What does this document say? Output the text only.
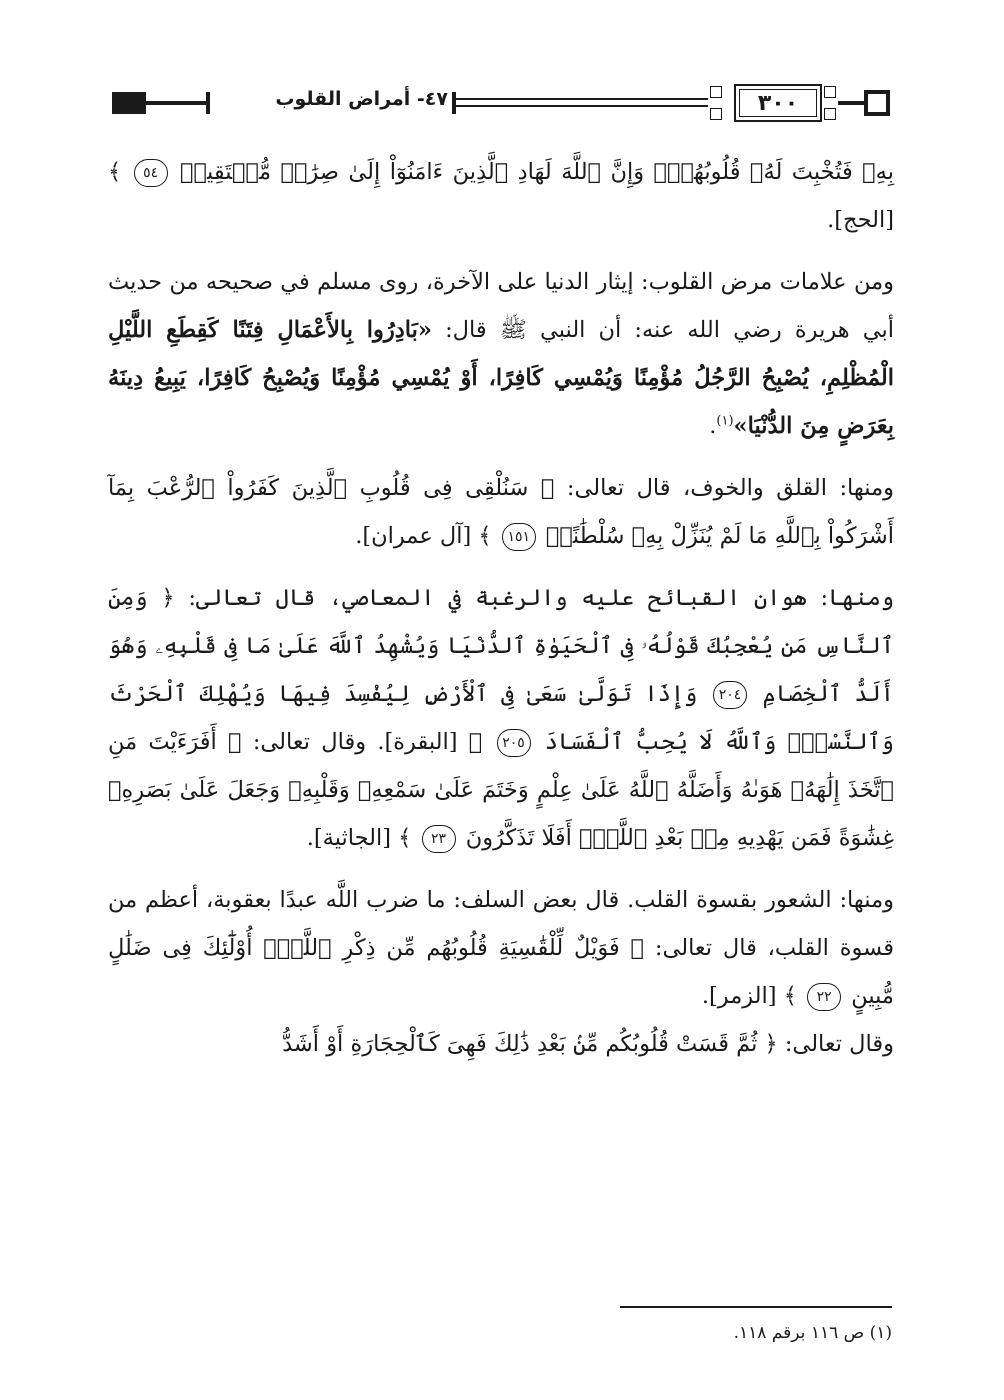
٤٧- أمراض القلوب	٣٠٠

بِهِۦ فَتُخْبِتَ لَهُۥ قُلُوبُهُمْۗ وَإِنَّ ٱللَّهَ لَهَادِ ٱلَّذِينَ ءَامَنُوٓاْ إِلَىٰ صِرَٰطٖ مُّسۡتَقِيمٖ ٥٤ ﴾ [الحج].

ومن علامات مرض القلوب: إيثار الدنيا على الآخرة، روى مسلم في صحيحه من حديث أبي هريرة رضي الله عنه: أن النبي ﷺ قال: «بَادِرُوا بِالأَعْمَالِ فِتَنًا كَقِطَعِ اللَّيْلِ الْمُظْلِمِ، يُصْبِحُ الرَّجُلُ مُؤْمِنًا وَيُمْسِي كَافِرًا، أَوْ يُمْسِي مُؤْمِنًا وَيُصْبِحُ كَافِرًا، يَبِيعُ دِينَهُ بِعَرَضٍ مِنَ الدُّنْيَا»$^{(١)}$.

ومنها: القلق والخوف، قال تعالى: ﴿ سَنُلْقِى فِى قُلُوبِ ٱلَّذِينَ كَفَرُواْ ٱلرُّعْبَ بِمَآ أَشْرَكُواْ بِٱللَّهِ مَا لَمْ يُنَزِّلْ بِهِۦ سُلْطَٰنًاۖ ١٥١ ﴾ [آل عمران].

ومنها: هوان القبائح عليه والرغبة في المعاصي، قال تعالى: ﴿ وَمِنَ ٱلنَّاسِ مَن يُعْجِبُكَ قَوْلُهُۥ فِى ٱلْحَيَوٰةِ ٱلدُّنْيَا وَيُشْهِدُ ٱللَّهَ عَلَىٰ مَا فِى قَلْبِهِۦ وَهُوَ أَلَدُّ ٱلْخِصَامِ ٢٠٤ وَإِذَا تَوَلَّىٰ سَعَىٰ فِى ٱلْأَرْضِ لِيُفْسِدَ فِيهَا وَيُهْلِكَ ٱلْحَرْثَ وَٱلنَّسْلَۗ وَٱللَّهُ لَا يُحِبُّ ٱلْفَسَادَ ٢٠٥ ﴾ [البقرة]. وقال تعالى: ﴿ أَفَرَءَيْتَ مَنِ ٱتَّخَذَ إِلَٰهَهُۥ هَوَىٰهُ وَأَضَلَّهُ ٱللَّهُ عَلَىٰ عِلْمٍ وَخَتَمَ عَلَىٰ سَمْعِهِۦ وَقَلْبِهِۦ وَجَعَلَ عَلَىٰ بَصَرِهِۦ غِشَٰوَةً فَمَن يَهْدِيهِ مِنۢ بَعْدِ ٱللَّهِۚ أَفَلَا تَذَكَّرُونَ ٢٣ ﴾ [الجاثية].

ومنها: الشعور بقسوة القلب. قال بعض السلف: ما ضرب اللَّه عبدًا بعقوبة، أعظم من قسوة القلب، قال تعالى: ﴿ فَوَيْلٌ لِّلْقَٰسِيَةِ قُلُوبُهُم مِّن ذِكْرِ ٱللَّهِۚ أُوْلَٰٓئِكَ فِى ضَلَٰلٍ مُّبِينٍ ٢٢ ﴾ [الزمر].

وقال تعالى: ﴿ ثُمَّ قَسَتْ قُلُوبُكُم مِّنۢ بَعْدِ ذَٰلِكَ فَهِىَ كَٱلْحِجَارَةِ أَوْ أَشَدُّ

(١) ص ١١٦ برقم ١١٨.
